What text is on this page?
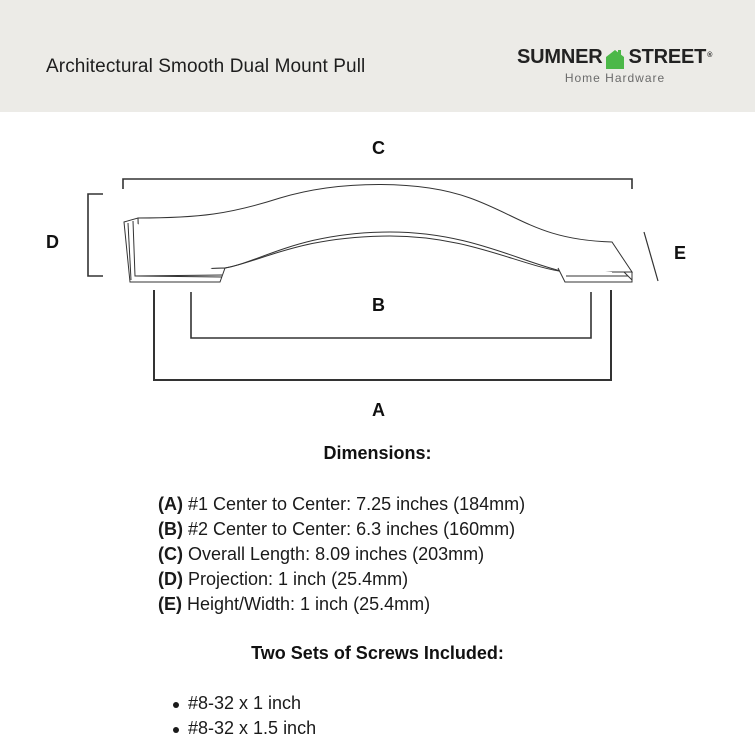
Architectural Smooth Dual Mount Pull	SUMNER STREET ®
Home Hardware
C
D
E
B
A
Dimensions:
(A) #1 Center to Center: 7.25 inches (184mm)
(B) #2 Center to Center: 6.3 inches (160mm)
(C) Overall Length: 8.09 inches (203mm)
(D) Projection: 1 inch (25.4mm)
(E) Height/Width: 1 inch (25.4mm)
Two Sets of Screws Included:
#8-32 x 1 inch
#8-32 x 1.5 inch
